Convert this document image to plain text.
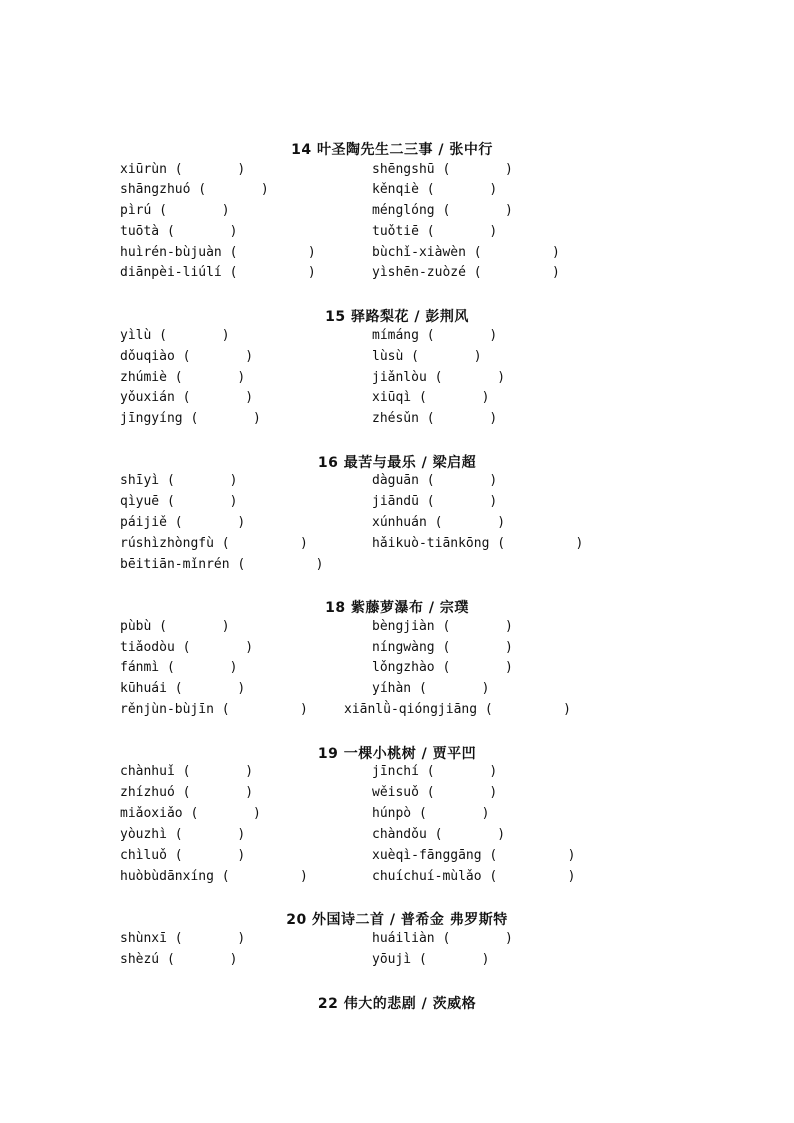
14 叶圣陶先生二三事 / 张中行
xiūrùn (       )
shāngzhuó (       )
pìrú (       )
tuōtà (       )
huìrén-bùjuàn (         )
diānpèi-liúlí (         )
shēngshū (       )
kěnqiè (       )
ménglóng (       )
tuǒtiē (       )
bùchǐ-xiàwèn (         )
yìshēn-zuòzé (         )
15 驿路梨花 / 彭荆风
yìlù (       )
dǒuqiào (       )
zhúmiè (       )
yǒuxián (       )
jīngyíng (       )
mímáng (       )
lùsù (       )
jiǎnlòu (       )
xiūqì (       )
zhésǔn (       )
16 最苦与最乐 / 梁启超
shīyì (       )
qìyuē (       )
páijiě (       )
rúshìzhòngfù (         )
bēitiān-mǐnrén (         )
dàguān (       )
jiāndū (       )
xúnhuán (       )
hǎikuò-tiānkōng (         )
18 紫藤萝瀑布 / 宗璞
pùbù (       )
tiǎodòu (       )
fánmì (       )
kūhuái (       )
rěnjùn-bùjīn (         )
bèngjiàn (       )
níngwàng (       )
lǒngzhào (       )
yíhàn (       )
xiānlǜ-qióngjiāng (         )
19 一棵小桃树 / 贾平凹
chànhuǐ (       )
zhízhuó (       )
miǎoxiǎo (       )
yòuzhì (       )
chìluǒ (       )
huòbùdānxíng (         )
jīnchí (       )
wěisuǒ (       )
húnpò (       )
chàndǒu (       )
xuèqì-fānggāng (         )
chuíchuí-mùlǎo (         )
20 外国诗二首 / 普希金 弗罗斯特
shùnxī (       )
shèzú (       )
huáiliàn (       )
yōujì (       )
22 伟大的悲剧 / 茨威格
